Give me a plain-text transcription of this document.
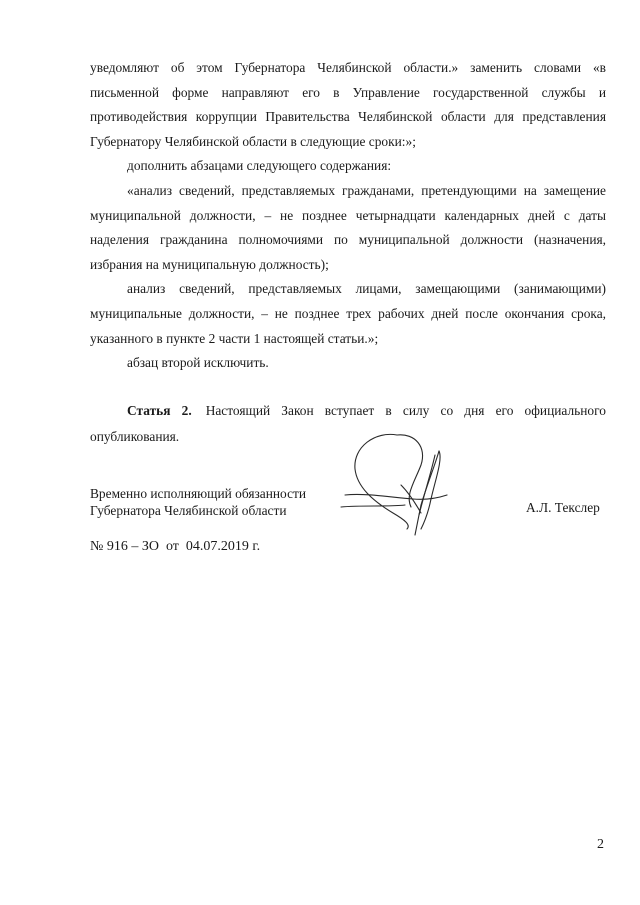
уведомляют об этом Губернатора Челябинской области.» заменить словами «в письменной форме направляют его в Управление государственной службы и противодействия коррупции Правительства Челябинской области для представления Губернатору Челябинской области в следующие сроки:»;

дополнить абзацами следующего содержания:

«анализ сведений, представляемых гражданами, претендующими на замещение муниципальной должности, – не позднее четырнадцати календарных дней с даты наделения гражданина полномочиями по муниципальной должности (назначения, избрания на муниципальную должность);

анализ сведений, представляемых лицами, замещающими (занимающими) муниципальные должности, – не позднее трех рабочих дней после окончания срока, указанного в пункте 2 части 1 настоящей статьи.»;

абзац второй исключить.

Статья 2. Настоящий Закон вступает в силу со дня его официального опубликования.

Временно исполняющий обязанности
Губернатора Челябинской области	А.Л. Текслер
№ 916 – ЗО  от  04.07.2019 г.
2
